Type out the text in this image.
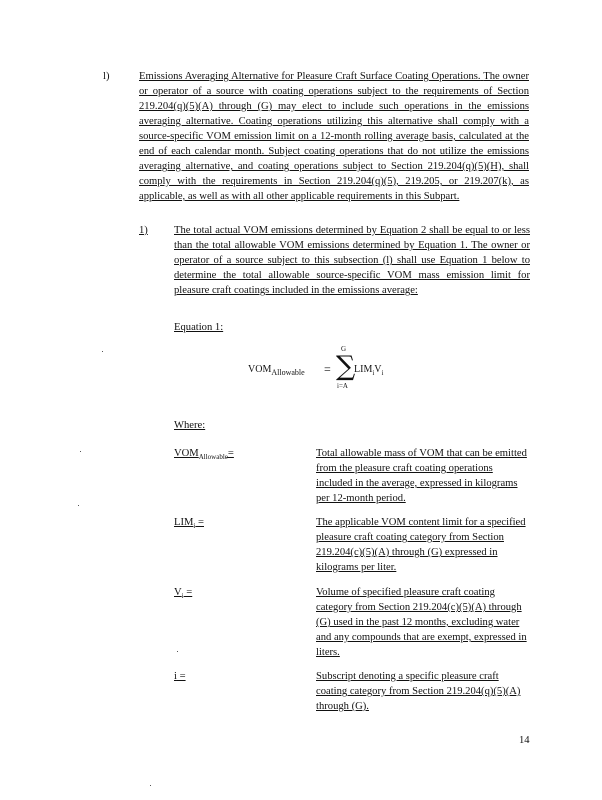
l)	Emissions Averaging Alternative for Pleasure Craft Surface Coating Operations. The owner or operator of a source with coating operations subject to the requirements of Section 219.204(q)(5)(A) through (G) may elect to include such operations in the emissions averaging alternative. Coating operations utilizing this alternative shall comply with a source-specific VOM emission limit on a 12-month rolling average basis, calculated at the end of each calendar month. Subject coating operations that do not utilize the emissions averaging alternative, and coating operations subject to Section 219.204(q)(5)(H), shall comply with the requirements in Section 219.204(q)(5), 219.205, or 219.207(k), as applicable, as well as with all other applicable requirements in this Subpart.
1) The total actual VOM emissions determined by Equation 2 shall be equal to or less than the total allowable VOM emissions determined by Equation 1. The owner or operator of a source subject to this subsection (l) shall use Equation 1 below to determine the total allowable source-specific VOM mass emission limit for pleasure craft coatings included in the emissions average:
Equation 1:
$VOM_{Allowable}$ =
G
∑
i=A
$LIM_iV_i$
Where:
$VOM_{Allowable}=$	Total allowable mass of VOM that can be emitted from the pleasure craft coating operations included in the average, expressed in kilograms per 12-month period.
$LIM_i$ =	The applicable VOM content limit for a specified pleasure craft coating category from Section 219.204(c)(5)(A) through (G) expressed in kilograms per liter.
$V_i$ =	Volume of specified pleasure craft coating category from Section 219.204(c)(5)(A) through (G) used in the past 12 months, excluding water and any compounds that are exempt, expressed in liters.
i =	Subscript denoting a specific pleasure craft coating category from Section 219.204(q)(5)(A) through (G).
14
